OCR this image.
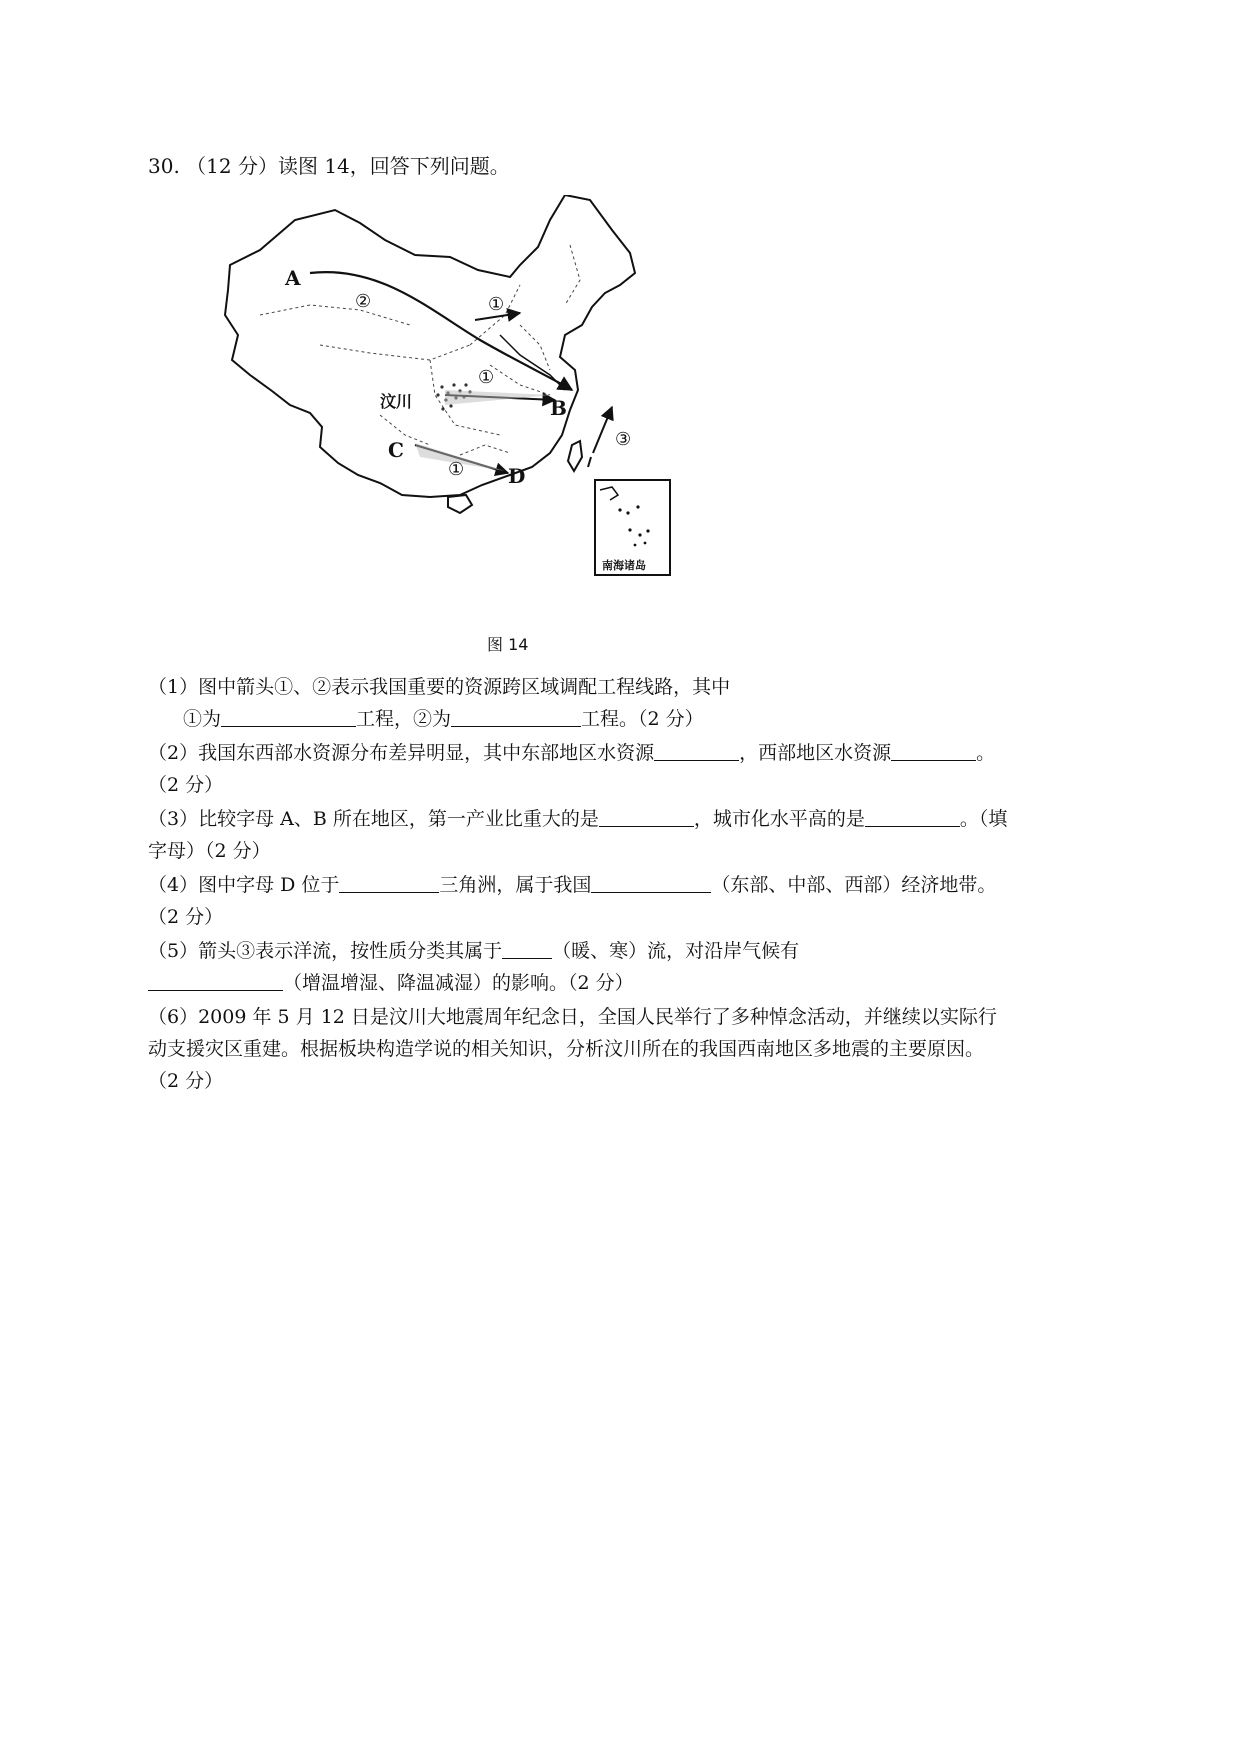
30. （12 分）读图 14，回答下列问题。
A
B
C
D
汶川
②	①
①
①
③
南海诸岛
图 14
（1）图中箭头①、②表示我国重要的资源跨区域调配工程线路，其中
①为	工程，②为	工程。（2 分）
（2）我国东西部水资源分布差异明显，其中东部地区水资源	，西部地区水资源	。
（2 分）
（3）比较字母 A、B 所在地区，第一产业比重大的是	，城市化水平高的是	。（填
字母）（2 分）
（4）图中字母 D 位于	三角洲，属于我国	（东部、中部、西部）经济地带。
（2 分）
（5）箭头③表示洋流，按性质分类其属于	（暖、寒）流，对沿岸气候有
（增温增湿、降温减湿）的影响。（2 分）
（6）2009 年 5 月 12 日是汶川大地震周年纪念日，全国人民举行了多种悼念活动，并继续以实际行
动支援灾区重建。根据板块构造学说的相关知识，分析汶川所在的我国西南地区多地震的主要原因。
（2 分）
